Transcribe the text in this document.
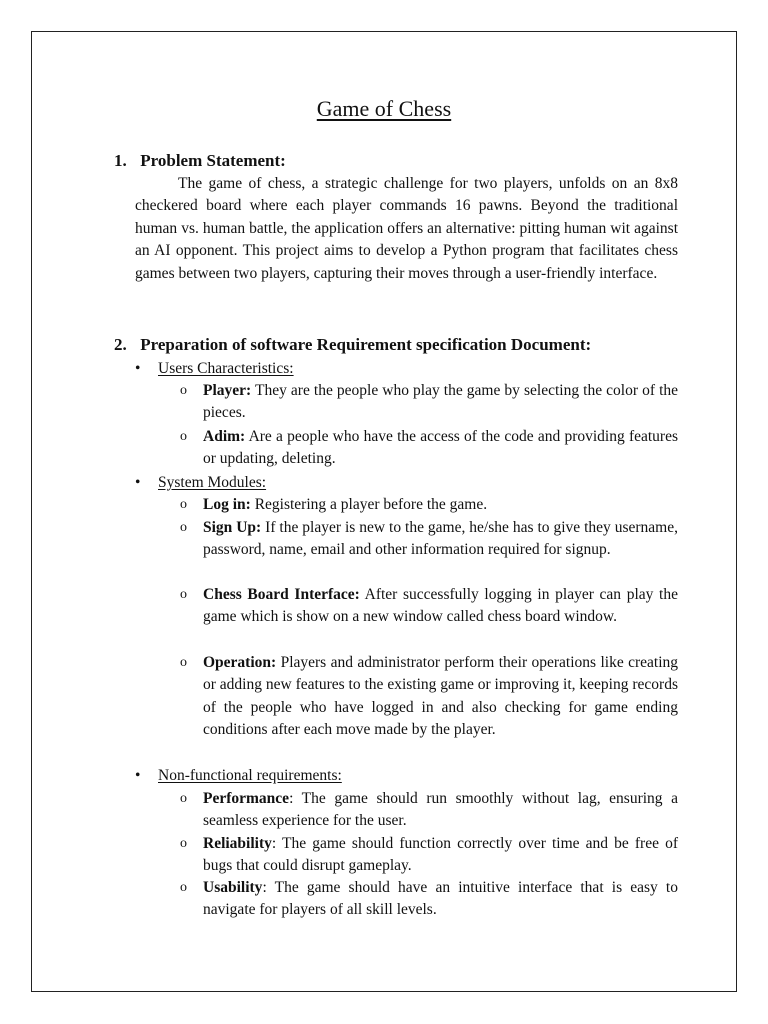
Game of Chess
1. Problem Statement:
The game of chess, a strategic challenge for two players, unfolds on an 8x8 checkered board where each player commands 16 pawns. Beyond the traditional human vs. human battle, the application offers an alternative: pitting human wit against an AI opponent. This project aims to develop a Python program that facilitates chess games between two players, capturing their moves through a user-friendly interface.
2. Preparation of software Requirement specification Document:
• Users Characteristics:
o Player: They are the people who play the game by selecting the color of the pieces.
o Adim: Are a people who have the access of the code and providing features or updating, deleting.
• System Modules:
o Log in: Registering a player before the game.
o Sign Up: If the player is new to the game, he/she has to give they username, password, name, email and other information required for signup.
o Chess Board Interface: After successfully logging in player can play the game which is show on a new window called chess board window.
o Operation: Players and administrator perform their operations like creating or adding new features to the existing game or improving it, keeping records of the people who have logged in and also checking for game ending conditions after each move made by the player.
• Non-functional requirements:
o Performance: The game should run smoothly without lag, ensuring a seamless experience for the user.
o Reliability: The game should function correctly over time and be free of bugs that could disrupt gameplay.
o Usability: The game should have an intuitive interface that is easy to navigate for players of all skill levels.
